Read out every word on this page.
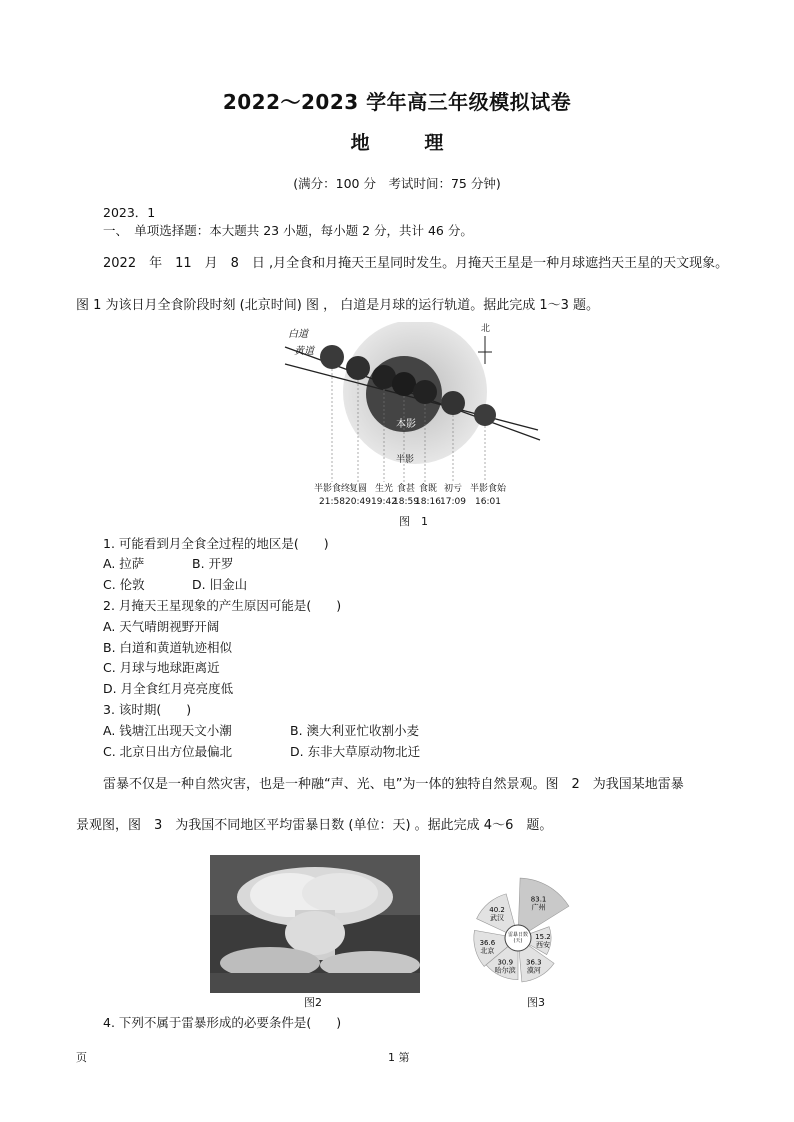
2022～2023 学年高三年级模拟试卷
地	理
(满分：100 分　考试时间：75 分钟)
2023．1
一、　单项选择题：本大题共 23 小题，每小题 2 分，共计 46 分。
2022　年　11　月　8　日 ,月全食和月掩天王星同时发生。月掩天王星是一种月球遮挡天王星的天文现象。
图 1 为该日月全食阶段时刻 (北京时间) 图 ， 白道是月球的运行轨道。据此完成 1～3 题。
白道
黄道
北
本影
半影
半影食终
21:58
复圆
20:49
生光
19:42
食甚
18:59
食既
18:16
初亏
17:09
半影食始
16:01
图　1
1. 可能看到月全食全过程的地区是(　　)
A. 拉萨	B. 开罗
C. 伦敦	D. 旧金山
2. 月掩天王星现象的产生原因可能是(　　)
A. 天气晴朗视野开阔
B. 白道和黄道轨迹相似
C. 月球与地球距离近
D. 月全食红月亮亮度低
3. 该时期(　　)
A. 钱塘江出现天文小潮	B. 澳大利亚忙收割小麦
C. 北京日出方位最偏北	D. 东非大草原动物北迁
雷暴不仅是一种自然灾害，也是一种融“声、光、电”为一体的独特自然景观。图　2　为我国某地雷暴
景观图，图　3　为我国不同地区平均雷暴日数 (单位：天) 。据此完成 4～6　题。
图2
83.1
广州
15.2
西安
36.3
漠河
30.9
哈尔滨
36.6
北京
40.2
武汉
雷暴日数
(天)
图3
4. 下列不属于雷暴形成的必要条件是(　　)
页	1 第
